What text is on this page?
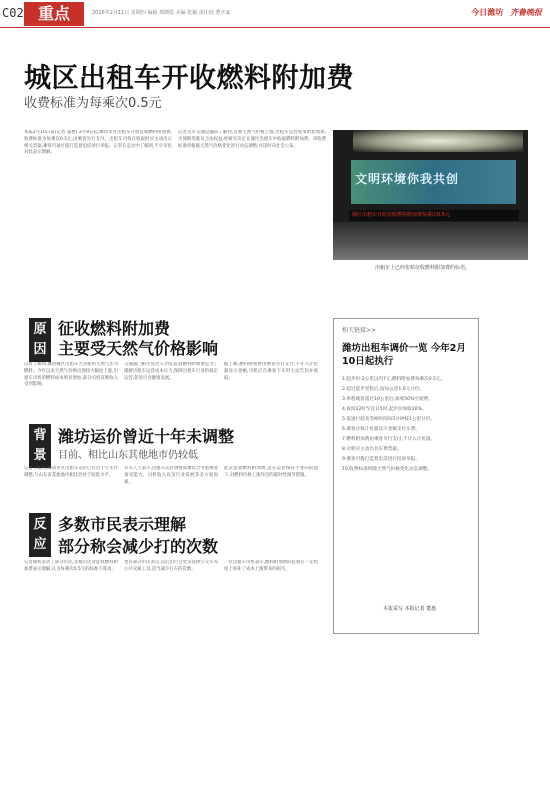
C02 重点	2016年2月11日 星期四 编辑 郑晓霞 美编 张颖 责任校 曹庆家	今日潍坊 齐鲁晚报
城区出租车开收燃料附加费
收费标准为每乘次0.5元
本报2月10日讯(记者 董惠) 2月9日起,潍坊市区出租车开始征收燃料附加费,收费标准为每乘次0.5元,由乘客另行支付。出租车司机在收取时应主动出示相关票据,乘客可通过拨打监督电话进行举报。记者在走访中了解到,不少市民对此表示理解。
记者从市交通运输局了解到,近期天然气价格上涨,出租车运营成本明显增加,为保障驾驶员合法权益,经研究决定在城区出租车中收取燃料附加费。该收费标准将根据天然气价格变化进行动态调整,并适时向社会公布。
文明环境你我共创
城区出租车开始征收燃料附加费每乘次0.5元
出租车上已经张贴征收燃料附加费的标语。
原因
征收燃料附加费
主要受天然气价格影响
记者了解到,潍坊城区出租车大多使用天然气作为燃料。今年以来天然气价格出现较大幅度上涨,出租车司机的燃料成本明显增加,部分司机反映收入受到影响。
交通部门相关负责人介绍,征收燃料附加费是为了缓解出租车运营成本压力,保障出租车行业的稳定运营,促进行业健康发展。
据了解,燃料附加费由乘客另行支付,不计入计价器显示金额,司机应在乘客下车时主动告知并收取。
背景
潍坊运价曾近十年未调整
目前、相比山东其他地市仍较低
记者了解到,潍坊市区出租车运价已有近十年未作调整,与山东省其他地市相比仍处于较低水平。
有关人士表示,出租车运价调整需要综合考虑乘客承受能力、司机收入以及行业发展等多方面因素。
此次征收燃料附加费,是在运价保持不变的前提下,对燃料价格上涨作出的临时性调节措施。
反应
多数市民表示理解
部分称会减少打的次数
记者随机采访了部分市民,多数市民对征收燃料附加费表示理解,认为每乘次0.5元的标准不算高。
也有部分市民表示,以后出行会更多选择公交车等公共交通工具,适当减少打车的次数。
一位出租车司机表示,燃料附加费的征收在一定程度上弥补了成本上涨带来的损失。
相关链接>>
潍坊出租车调价一览 今年2月10日起执行
1.起步价:2公里以内7元,燃料附加费每乘次0.5元。
2.超过起步里程后,按每公里1.6元计价。
3.单程载客超过10公里后,加收50%空驶费。
4.夜间22时至次日5时,起步价加收20%。
5.低速行驶及等候时间每5分钟按1公里计价。
6.乘客应按计价器显示金额支付车费。
7.燃料附加费由乘客另行支付,不计入计价器。
8.司机应主动出具车费票据。
9.乘客可拨打监督电话进行投诉举报。
10.收费标准将随天然气价格变化动态调整。
本报采写 本报记者 董惠
